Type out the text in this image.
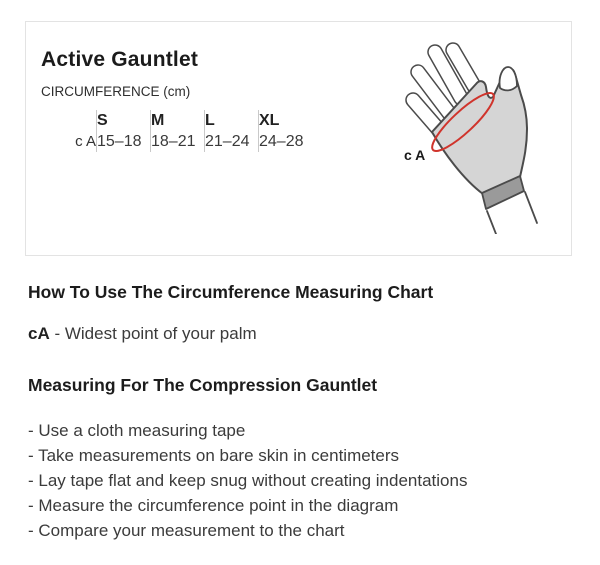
Active Gauntlet
CIRCUMFERENCE (cm)
	S	M	L	XL
c A	15–18	18–21	21–24	24–28
c A
How To Use The Circumference Measuring Chart
cA - Widest point of your palm
Measuring For The Compression Gauntlet
- Use a cloth measuring tape
- Take measurements on bare skin in centimeters
- Lay tape flat and keep snug without creating indentations
- Measure the circumference point in the diagram
- Compare your measurement to the chart
